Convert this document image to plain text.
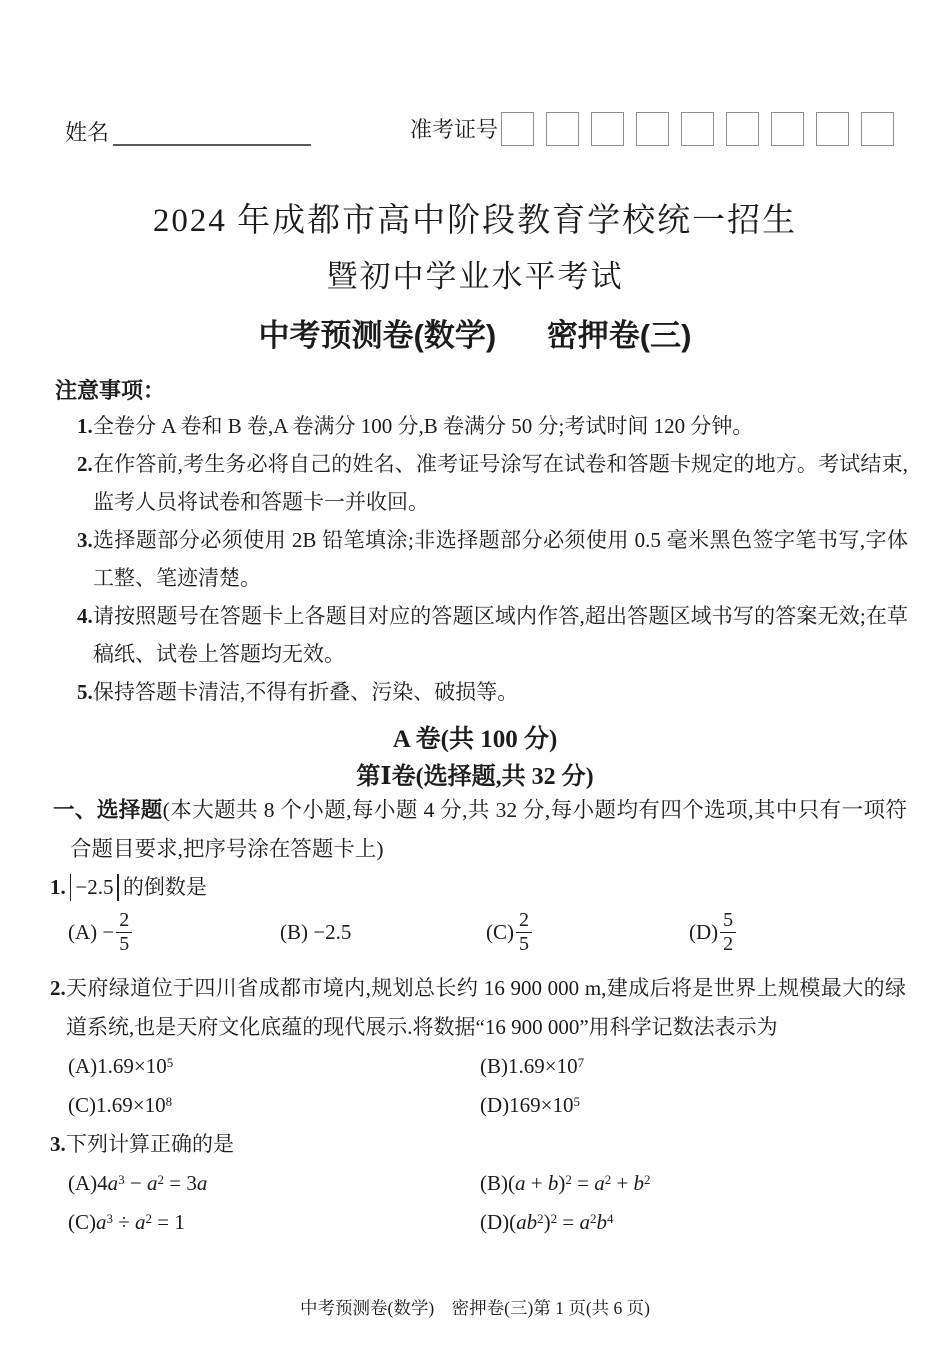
姓名	准考证号
2024 年成都市高中阶段教育学校统一招生
暨初中学业水平考试
中考预测卷(数学) 密押卷(三)
注意事项：
1. 全卷分 A 卷和 B 卷,A 卷满分 100 分,B 卷满分 50 分;考试时间 120 分钟。
2. 在作答前,考生务必将自己的姓名、准考证号涂写在试卷和答题卡规定的地方。考试结束,监考人员将试卷和答题卡一并收回。
3. 选择题部分必须使用 2B 铅笔填涂;非选择题部分必须使用 0.5 毫米黑色签字笔书写,字体工整、笔迹清楚。
4. 请按照题号在答题卡上各题目对应的答题区域内作答,超出答题区域书写的答案无效;在草稿纸、试卷上答题均无效。
5. 保持答题卡清洁,不得有折叠、污染、破损等。
A 卷(共 100 分)
第Ⅰ卷(选择题,共 32 分)
一、选择题(本大题共 8 个小题,每小题 4 分,共 32 分,每小题均有四个选项,其中只有一项符合题目要求,把序号涂在答题卡上)
1. −2.5 的倒数是
$(A) - \frac{2}{5}$	(B) −2.5	$(C) \frac{2}{5}$	$(D) \frac{5}{2}$
2. 天府绿道位于四川省成都市境内,规划总长约 16 900 000 m,建成后将是世界上规模最大的绿道系统,也是天府文化底蕴的现代展示.将数据“16 900 000”用科学记数法表示为
$(A)1.69\times 10^5$	$(B)1.69\times 10^7$
$(C)1.69\times 10^8$	$(D)169\times 10^5$
3. 下列计算正确的是
$(A)4a^3 - a^2 = 3a$	$(B)(a + b)^2 = a^2 + b^2$
$(C)a^3 \div a^2 = 1$	$(D)(ab^2)^2 = a^2b^4$
中考预测卷(数学)　密押卷(三)第 1 页(共 6 页)
